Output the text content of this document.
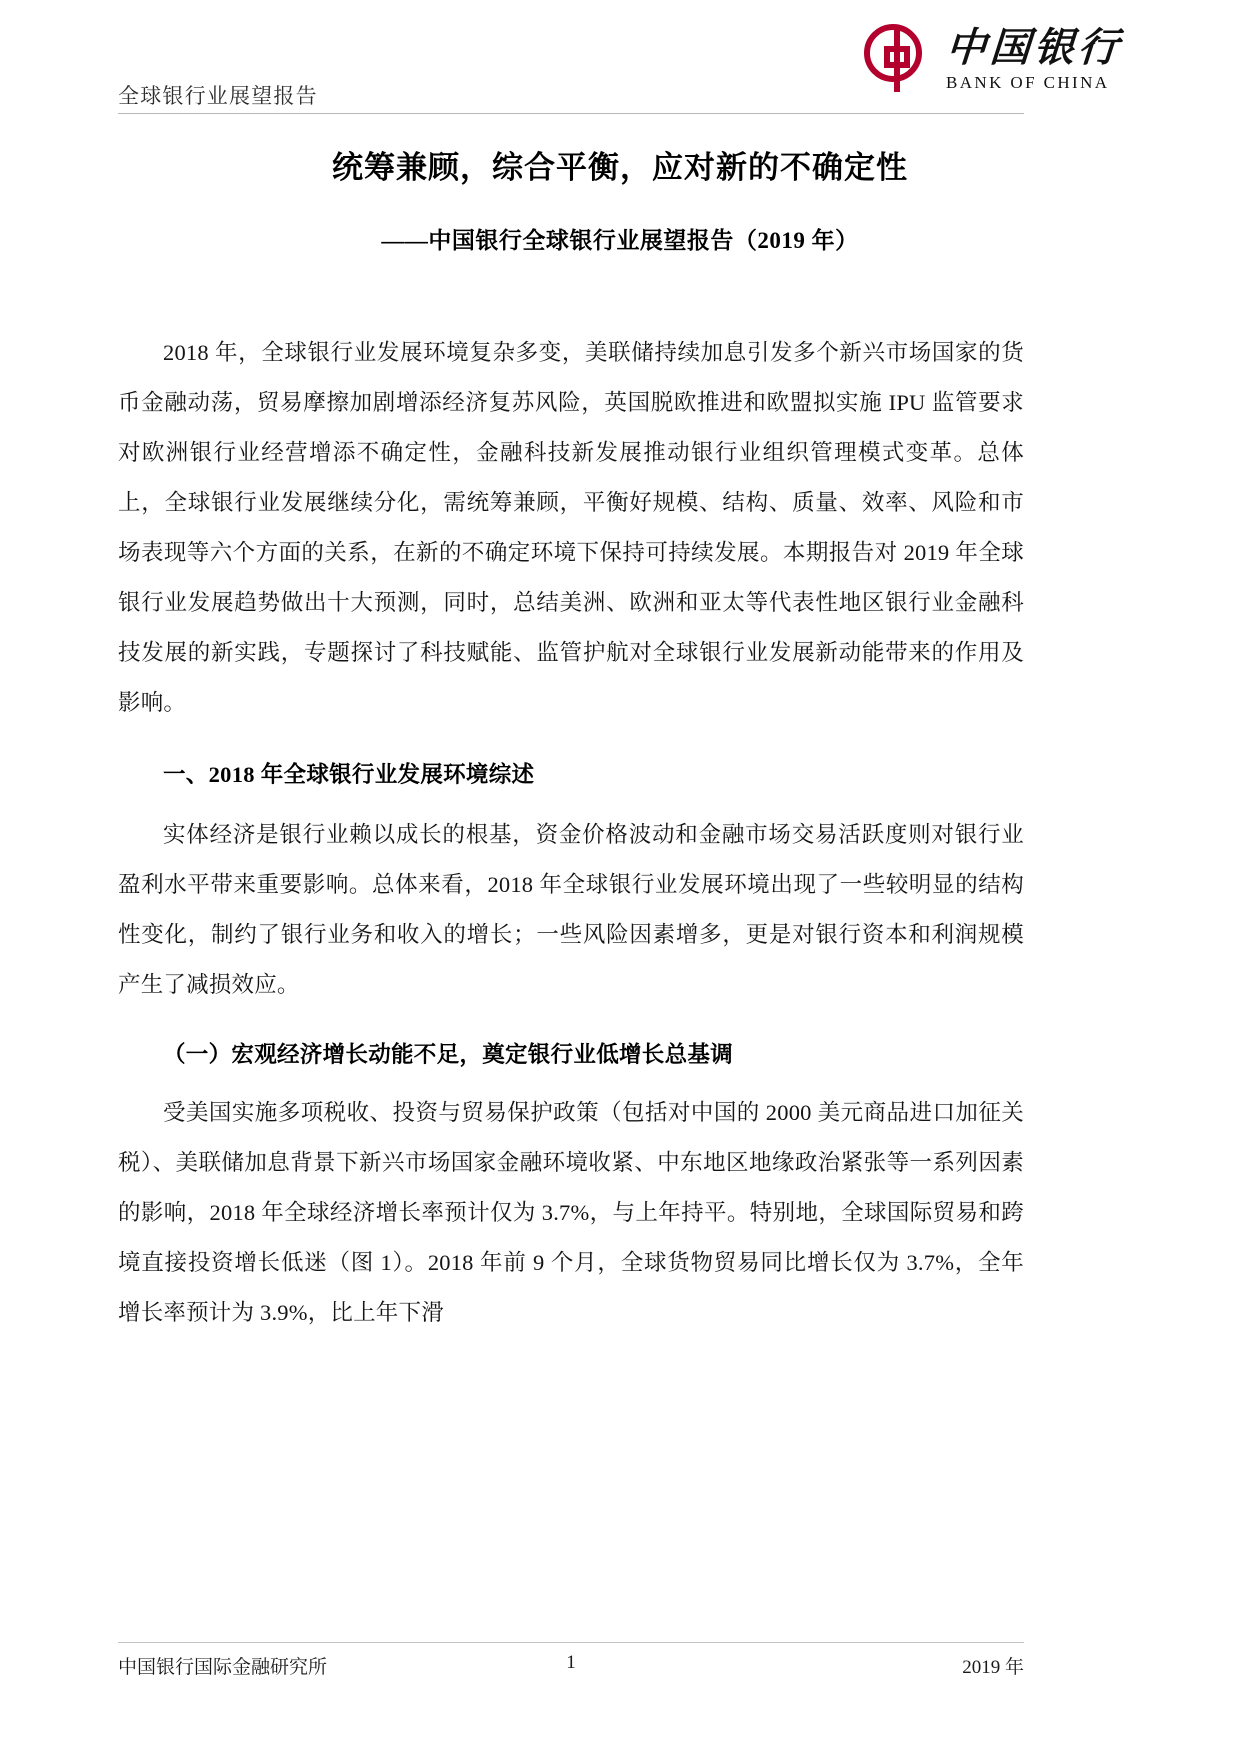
全球银行业展望报告
中国银行
BANK OF CHINA
统筹兼顾，综合平衡，应对新的不确定性
——中国银行全球银行业展望报告（2019 年）

2018 年，全球银行业发展环境复杂多变，美联储持续加息引发多个新兴市场国家的货币金融动荡，贸易摩擦加剧增添经济复苏风险，英国脱欧推进和欧盟拟实施 IPU 监管要求对欧洲银行业经营增添不确定性，金融科技新发展推动银行业组织管理模式变革。总体上，全球银行业发展继续分化，需统筹兼顾，平衡好规模、结构、质量、效率、风险和市场表现等六个方面的关系，在新的不确定环境下保持可持续发展。本期报告对 2019 年全球银行业发展趋势做出十大预测，同时，总结美洲、欧洲和亚太等代表性地区银行业金融科技发展的新实践，专题探讨了科技赋能、监管护航对全球银行业发展新动能带来的作用及影响。

一、2018 年全球银行业发展环境综述

实体经济是银行业赖以成长的根基，资金价格波动和金融市场交易活跃度则对银行业盈利水平带来重要影响。总体来看，2018 年全球银行业发展环境出现了一些较明显的结构性变化，制约了银行业务和收入的增长；一些风险因素增多，更是对银行资本和利润规模产生了减损效应。

（一）宏观经济增长动能不足，奠定银行业低增长总基调

受美国实施多项税收、投资与贸易保护政策（包括对中国的 2000 美元商品进口加征关税）、美联储加息背景下新兴市场国家金融环境收紧、中东地区地缘政治紧张等一系列因素的影响，2018 年全球经济增长率预计仅为 3.7%，与上年持平。特别地，全球国际贸易和跨境直接投资增长低迷（图 1）。2018 年前 9 个月，全球货物贸易同比增长仅为 3.7%，全年增长率预计为 3.9%，比上年下滑

中国银行国际金融研究所	1	2019 年
